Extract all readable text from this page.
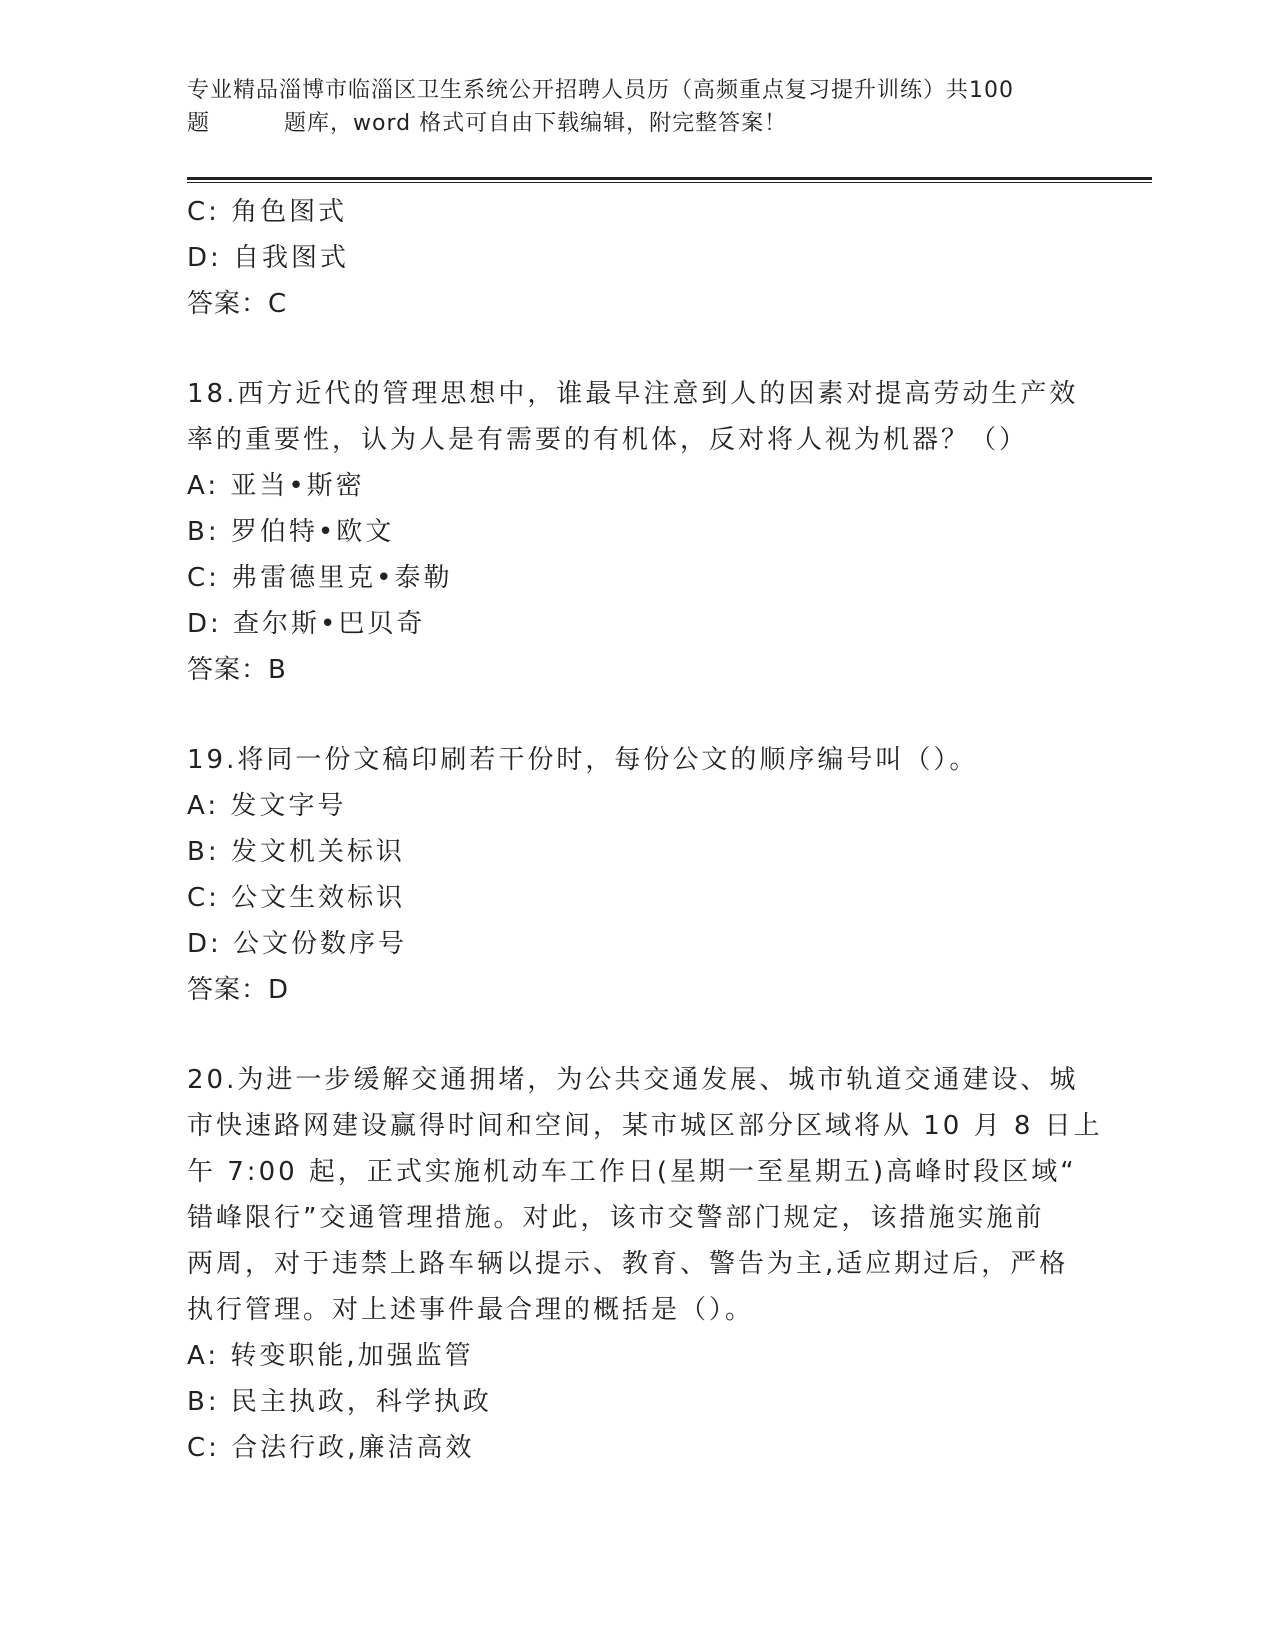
专业精品淄博市临淄区卫生系统公开招聘人员历（高频重点复习提升训练）共100
题	题库，word 格式可自由下载编辑，附完整答案！
C: 角色图式
D: 自我图式
答案：C
18.西方近代的管理思想中，谁最早注意到人的因素对提高劳动生产效
率的重要性，认为人是有需要的有机体，反对将人视为机器？（）
A: 亚当•斯密
B: 罗伯特•欧文
C: 弗雷德里克•泰勒
D: 查尔斯•巴贝奇
答案：B
19.将同一份文稿印刷若干份时，每份公文的顺序编号叫（）。
A: 发文字号
B: 发文机关标识
C: 公文生效标识
D: 公文份数序号
答案：D
20.为进一步缓解交通拥堵，为公共交通发展、城市轨道交通建设、城
市快速路网建设赢得时间和空间，某市城区部分区域将从 10 月 8 日上
午 7:00 起，正式实施机动车工作日(星期一至星期五)高峰时段区域“
错峰限行”交通管理措施。对此，该市交警部门规定，该措施实施前
两周，对于违禁上路车辆以提示、教育、警告为主,适应期过后，严格
执行管理。对上述事件最合理的概括是（）。
A: 转变职能,加强监管
B: 民主执政，科学执政
C: 合法行政,廉洁高效
